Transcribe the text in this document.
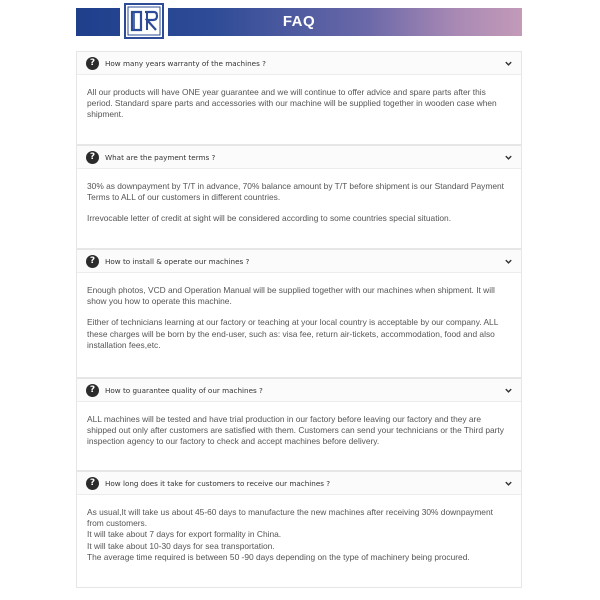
FAQ
?	How many years warranty of the machines ?

All our products will have ONE year guarantee and we will continue to offer advice and spare parts after this period. Standard spare parts and accessories with our machine will be supplied together in wooden case when shipment.

?	What are the payment terms ?

30% as downpayment by T/T in advance, 70% balance amount by T/T before shipment is our Standard Payment Terms to ALL of our customers in different countries.

Irrevocable letter of credit at sight will be considered according to some countries special situation.

?	How to install & operate our machines ?

Enough photos, VCD and Operation Manual will be supplied together with our machines when shipment. It will show you how to operate this machine.

Either of technicians learning at our factory or teaching at your local country is acceptable by our company. ALL these charges will be born by the end-user, such as: visa fee, return air-tickets, accommodation, food and also installation fees,etc.

?	How to guarantee quality of our machines ?

ALL machines will be tested and have trial production in our factory before leaving our factory and they are shipped out only after customers are satisfied with them. Customers can send your technicians or the Third party inspection agency to our factory to check and accept machines before delivery.

?	How long does it take for customers to receive our machines ?

As usual,It will take us about 45-60 days to manufacture the new machines after receiving 30% downpayment from customers.

It will take about 7 days for export formality in China.

It will take about 10-30 days for sea transportation.

The average time required is between 50 -90 days depending on the type of machinery being procured.
